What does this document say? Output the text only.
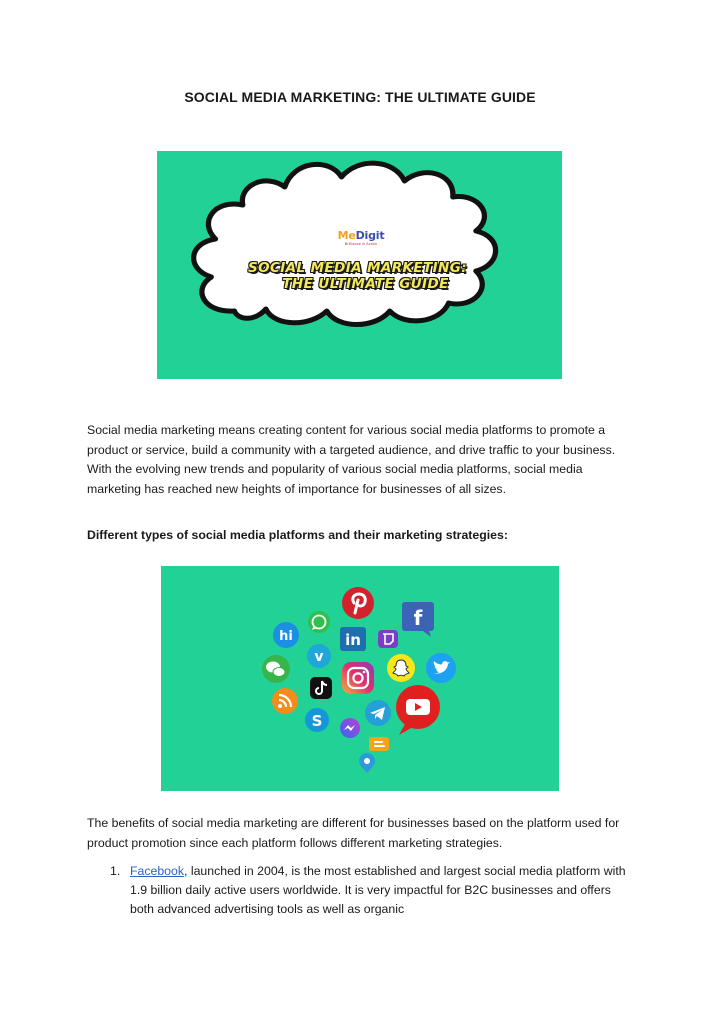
SOCIAL MEDIA MARKETING: THE ULTIMATE GUIDE
MeDigit
Brilliance in Action
SOCIAL MEDIA MARKETING:
THE ULTIMATE GUIDE

Social media marketing means creating content for various social media platforms to promote a product or service, build a community with a targeted audience, and drive traffic to your business. With the evolving new trends and popularity of various social media platforms, social media marketing has reached new heights of importance for businesses of all sizes.

Different types of social media platforms and their marketing strategies:

f
hi	in
v
S

The benefits of social media marketing are different for businesses based on the platform used for product promotion since each platform follows different marketing strategies.

1. Facebook, launched in 2004, is the most established and largest social media platform with 1.9 billion daily active users worldwide. It is very impactful for B2C businesses and offers both advanced advertising tools as well as organic
